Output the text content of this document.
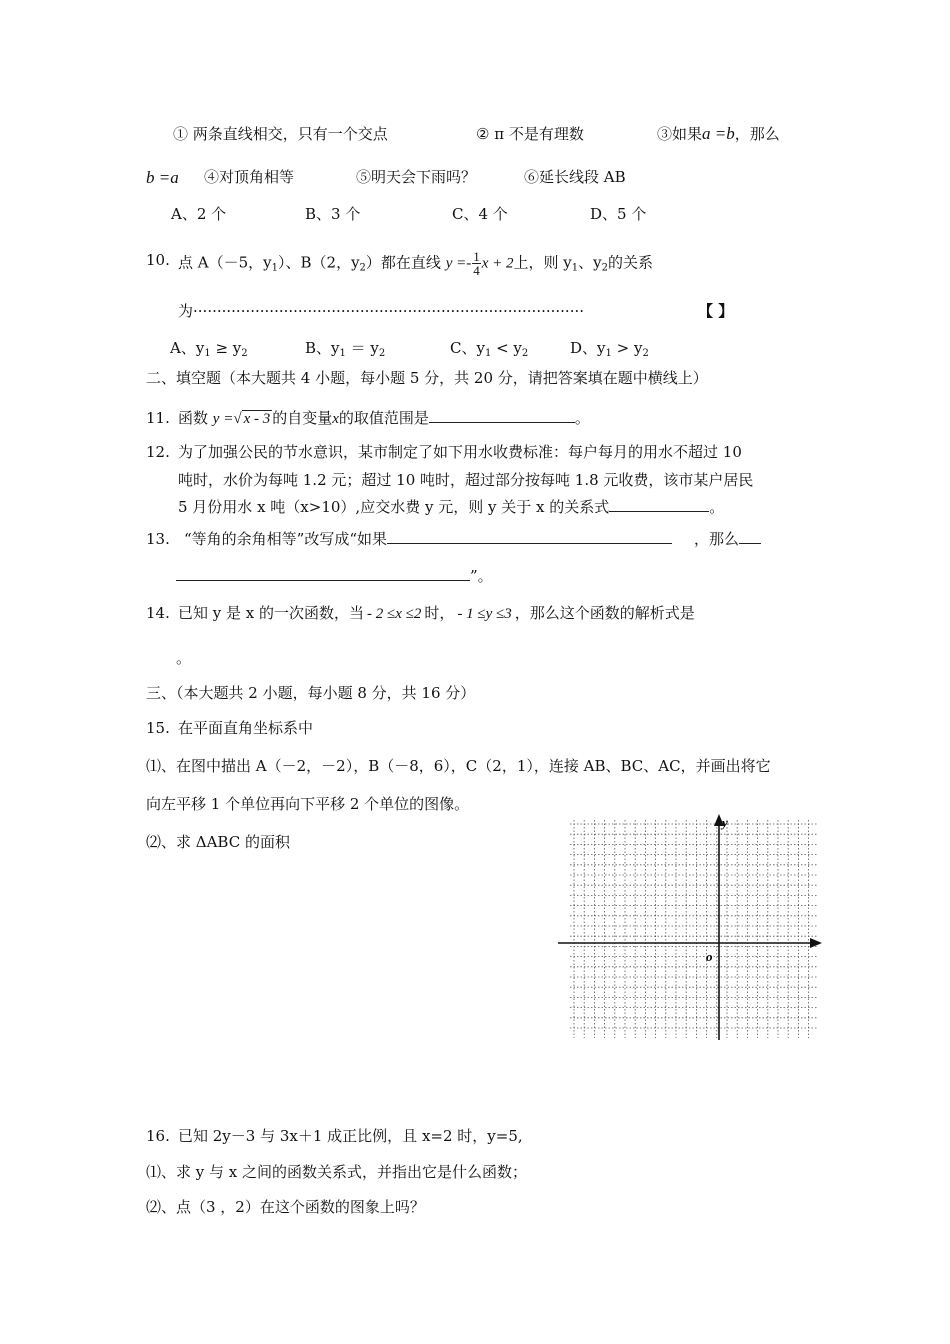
① 两条直线相交，只有一个交点	② π 不是有理数	③如果a =b，那么
b =a ④对顶角相等	⑤明天会下雨吗？	⑥延长线段 AB
A、2 个	B、3 个	C、4 个	D、5 个
10. 点 A（－5，$y_1$）、B（2，$y_2$）都在直线 $y =- \frac{1}{4}$ x + 2上，则 $y_1$、$y_2$的关系
为··················································································	【 】
A、$y_1 \ge y_2$	B、$y_1 = y_2$	C、$y_1 < y_2$	D、$y_1 > y_2$
二、填空题（本大题共 4 小题，每小题 5 分，共 20 分，请把答案填在题中横线上）
11. 函数 y =√ x - 3 的自变量x的取值范围是	。
12. 为了加强公民的节水意识，某市制定了如下用水收费标准：每户每月的用水不超过 10
吨时，水价为每吨 1.2 元；超过 10 吨时，超过部分按每吨 1.8 元收费，该市某户居民
5 月份用水 x 吨（x>10）,应交水费 y 元，则 y 关于 x 的关系式	。
13. “等角的余角相等”改写成“如果	，那么
”。
14. 已知 y 是 x 的一次函数，当 - 2 ≤x ≤2 时， - 1 ≤y ≤3 ，那么这个函数的解析式是
。
三、（本大题共 2 小题，每小题 8 分，共 16 分）
15. 在平面直角坐标系中
⑴、在图中描出 A（－2，－2），B（－8，6），C（2，1），连接 AB、BC、AC，并画出将它
向左平移 1 个单位再向下平移 2 个单位的图像。
⑵、求 ΔABC 的面积
y
o
16. 已知 2y－3 与 3x＋1 成正比例，且 x=2 时，y=5,
⑴、求 y 与 x 之间的函数关系式，并指出它是什么函数；
⑵、点（3 ，2）在这个函数的图象上吗？
